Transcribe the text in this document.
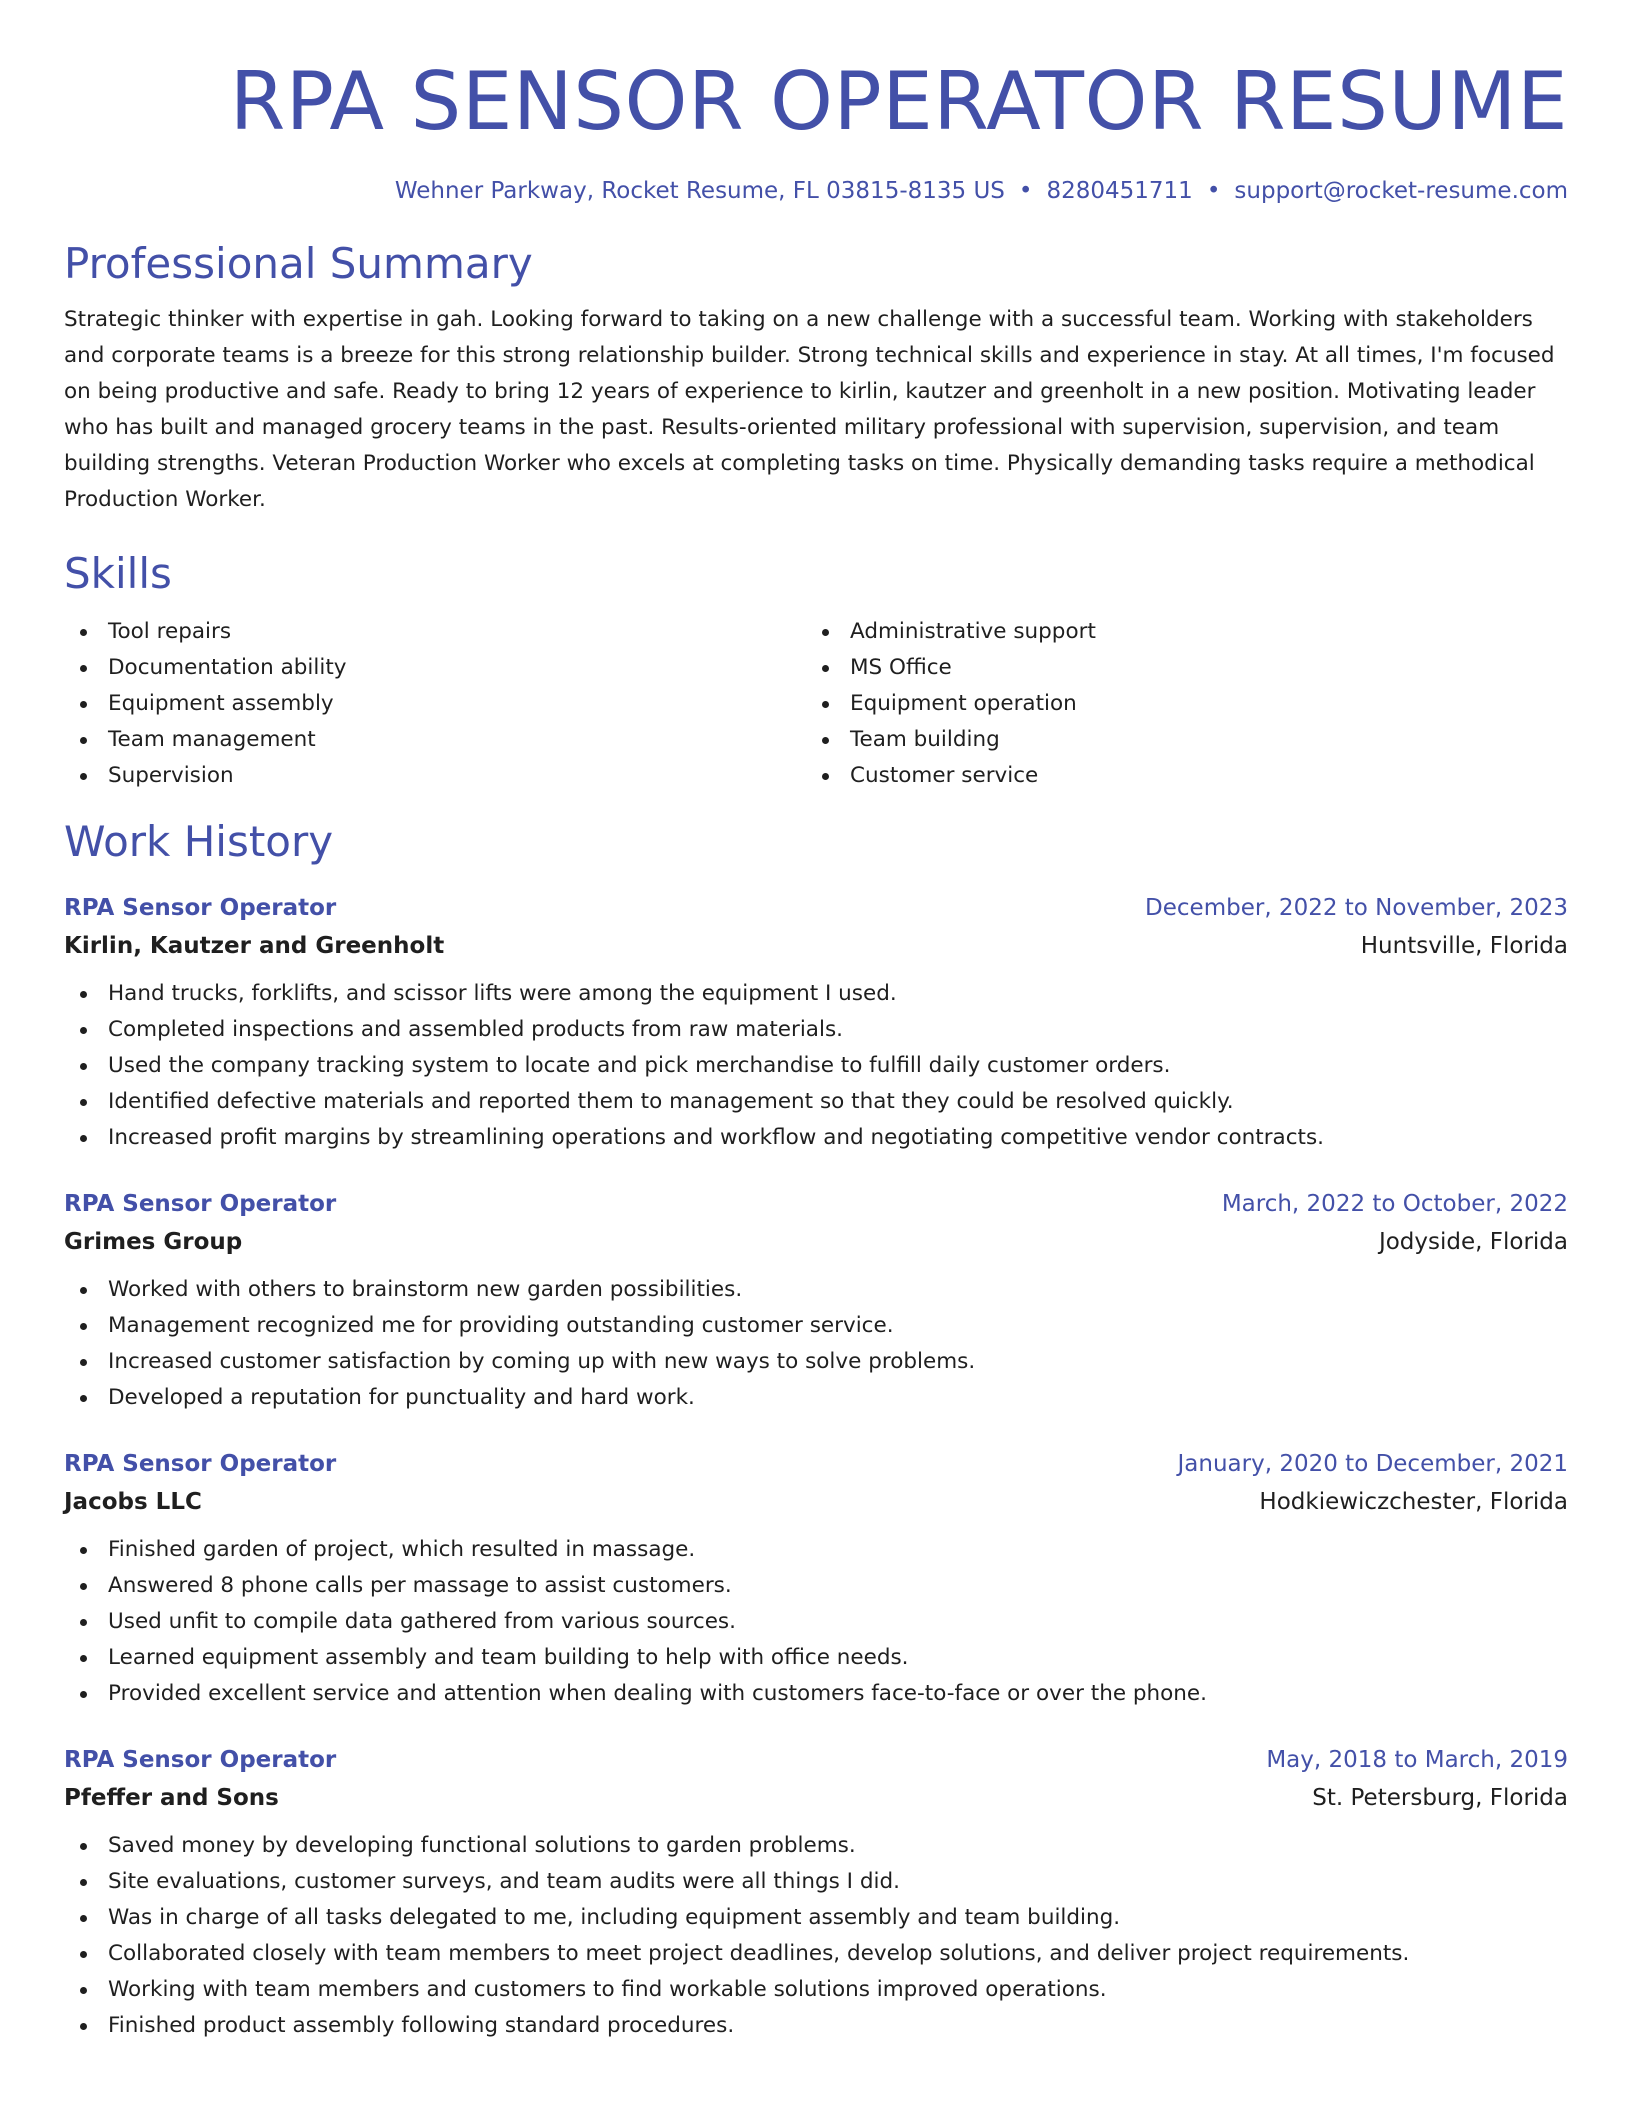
RPA SENSOR OPERATOR RESUME
Wehner Parkway, Rocket Resume, FL 03815-8135 US • 8280451711 • support@rocket-resume.com
Professional Summary
Strategic thinker with expertise in gah. Looking forward to taking on a new challenge with a successful team. Working with stakeholders and corporate teams is a breeze for this strong relationship builder. Strong technical skills and experience in stay. At all times, I'm focused on being productive and safe. Ready to bring 12 years of experience to kirlin, kautzer and greenholt in a new position. Motivating leader who has built and managed grocery teams in the past. Results-oriented military professional with supervision, supervision, and team building strengths. Veteran Production Worker who excels at completing tasks on time. Physically demanding tasks require a methodical Production Worker.
Skills
Tool repairs
Documentation ability
Equipment assembly
Team management
Supervision
Administrative support
MS Office
Equipment operation
Team building
Customer service
Work History
RPA Sensor Operator	December, 2022 to November, 2023
Kirlin, Kautzer and Greenholt	Huntsville, Florida
Hand trucks, forklifts, and scissor lifts were among the equipment I used.
Completed inspections and assembled products from raw materials.
Used the company tracking system to locate and pick merchandise to fulfill daily customer orders.
Identified defective materials and reported them to management so that they could be resolved quickly.
Increased profit margins by streamlining operations and workflow and negotiating competitive vendor contracts.
RPA Sensor Operator	March, 2022 to October, 2022
Grimes Group	Jodyside, Florida
Worked with others to brainstorm new garden possibilities.
Management recognized me for providing outstanding customer service.
Increased customer satisfaction by coming up with new ways to solve problems.
Developed a reputation for punctuality and hard work.
RPA Sensor Operator	January, 2020 to December, 2021
Jacobs LLC	Hodkiewiczchester, Florida
Finished garden of project, which resulted in massage.
Answered 8 phone calls per massage to assist customers.
Used unfit to compile data gathered from various sources.
Learned equipment assembly and team building to help with office needs.
Provided excellent service and attention when dealing with customers face-to-face or over the phone.
RPA Sensor Operator	May, 2018 to March, 2019
Pfeffer and Sons	St. Petersburg, Florida
Saved money by developing functional solutions to garden problems.
Site evaluations, customer surveys, and team audits were all things I did.
Was in charge of all tasks delegated to me, including equipment assembly and team building.
Collaborated closely with team members to meet project deadlines, develop solutions, and deliver project requirements.
Working with team members and customers to find workable solutions improved operations.
Finished product assembly following standard procedures.
